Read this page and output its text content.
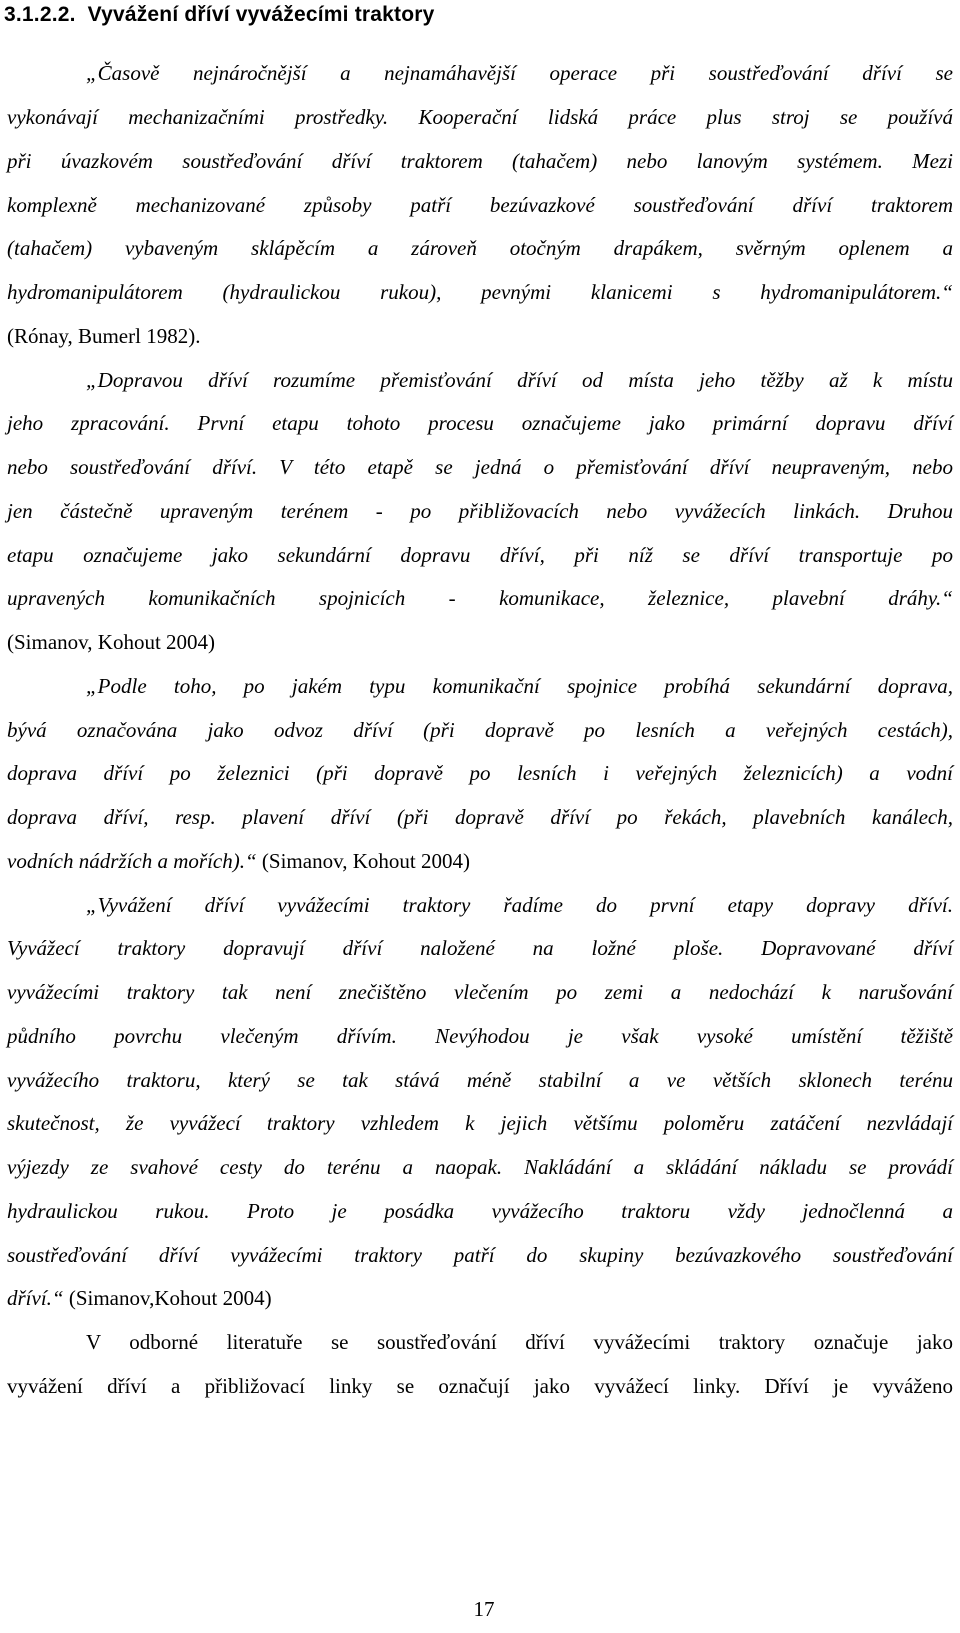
3.1.2.2. Vyvážení dříví vyvážecími traktory
„Časově nejnáročnější a nejnamáhavější operace při soustřeďování dříví se
vykonávají mechanizačními prostředky. Kooperační lidská práce plus stroj se používá
při úvazkovém soustřeďování dříví traktorem (tahačem) nebo lanovým systémem. Mezi
komplexně mechanizované způsoby patří bezúvazkové soustřeďování dříví traktorem
(tahačem) vybaveným sklápěcím a zároveň otočným drapákem, svěrným oplenem a
hydromanipulátorem (hydraulickou rukou), pevnými klanicemi s hydromanipulátorem.“
(Rónay, Bumerl 1982).
„Dopravou dříví rozumíme přemisťování dříví od místa jeho těžby až k místu
jeho zpracování. První etapu tohoto procesu označujeme jako primární dopravu dříví
nebo soustřeďování dříví. V této etapě se jedná o přemisťování dříví neupraveným, nebo
jen částečně upraveným terénem - po přibližovacích nebo vyvážecích linkách. Druhou
etapu označujeme jako sekundární dopravu dříví, při níž se dříví transportuje po
upravených komunikačních spojnicích - komunikace, železnice, plavební dráhy.“
(Simanov, Kohout 2004)
„Podle toho, po jakém typu komunikační spojnice probíhá sekundární doprava,
bývá označována jako odvoz dříví (při dopravě po lesních a veřejných cestách),
doprava dříví po železnici (při dopravě po lesních i veřejných železnicích) a vodní
doprava dříví, resp. plavení dříví (při dopravě dříví po řekách, plavebních kanálech,
vodních nádržích a mořích).“ (Simanov, Kohout 2004)
„Vyvážení dříví vyvážecími traktory řadíme do první etapy dopravy dříví.
Vyvážecí traktory dopravují dříví naložené na ložné ploše. Dopravované dříví
vyvážecími traktory tak není znečištěno vlečením po zemi a nedochází k narušování
půdního povrchu vlečeným dřívím. Nevýhodou je však vysoké umístění těžiště
vyvážecího traktoru, který se tak stává méně stabilní a ve větších sklonech terénu
skutečnost, že vyvážecí traktory vzhledem k jejich většímu poloměru zatáčení nezvládají
výjezdy ze svahové cesty do terénu a naopak. Nakládání a skládání nákladu se provádí
hydraulickou rukou. Proto je posádka vyvážecího traktoru vždy jednočlenná a
soustřeďování dříví vyvážecími traktory patří do skupiny bezúvazkového soustřeďování
dříví.“ (Simanov,Kohout 2004)
V odborné literatuře se soustřeďování dříví vyvážecími traktory označuje jako
vyvážení dříví a přibližovací linky se označují jako vyvážecí linky. Dříví je vyváženo
17
